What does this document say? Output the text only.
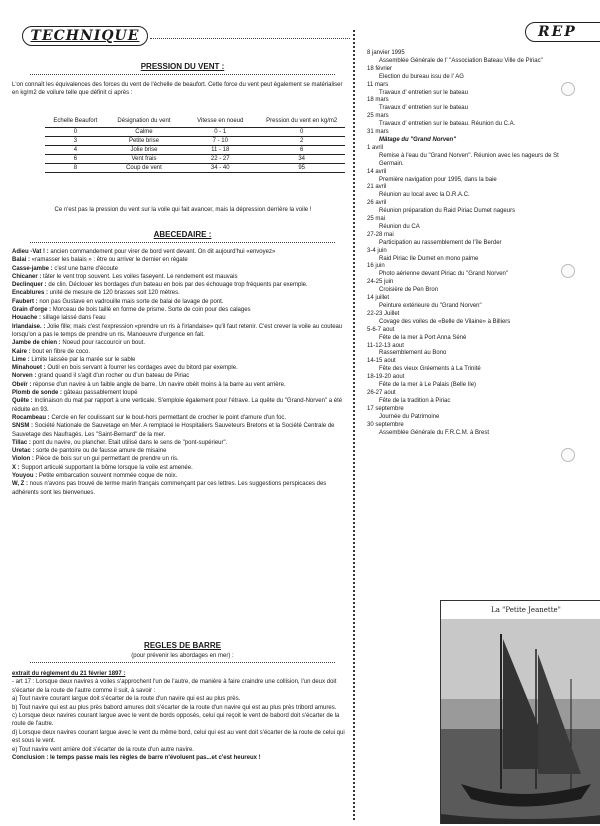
TECHNIQUE
PRESSION DU VENT :
L'on connaît les équivalences des forces du vent de l'échelle de beaufort. Cette force du vent peut également se matérialiser en kg/m2 de voilure telle que définit ci après :
Echelle Beaufort	Désignation du vent	Vitesse en noeud	Pression du vent en kg/m2
0	Calme	0 - 1	0
3	Petite brise	7 - 10	2
4	Jolie brise	11 - 18	6
6	Vent frais	22 - 27	34
8	Coup de vent	34 - 40	95
Ce n'est pas la pression du vent sur la voile qui fait avancer, mais la dépression derrière la voile !
ABECEDAIRE :

Adieu -Vat ! : ancien commandement pour virer de bord vent devant. On dit aujourd'hui «envoyez»

Balai : «ramasser les balais » : être ou arriver le dernier en régate

Casse-jambe : c'est une barre d'écoute

Chicaner : tâter le vent trop souvent. Les voiles faseyent. Le rendement est mauvais

Declinquer : de clin. Déclouer les bordages d'un bateau en bois par des échouage trop fréquents par exemple.

Encablures : unité de mesure de 120 brasses soit 120 mètres.

Faubert : non pas Gustave en vadrouille mais sorte de balai de lavage de pont.

Grain d'orge : Morceau de bois taillé en forme de prisme. Sorte de coin pour des calages

Houache : sillage laissé dans l'eau

Irlandaise. : Jolie fille; mais c'est l'expression «prendre un ris à l'irlandaise» qu'il faut retenir. C'est crever la voile au couteau lorsqu'on a pas le temps de prendre un ris. Manoeuvre d'urgence en fait.

Jambe de chien : Noeud pour raccourcir un bout.

Kaire : bout en fibre de coco.

Lime : Limite laissée par la marée sur le sable

Minahouet : Outil en bois servant à fourrer les cordages avec du bitord par exemple.

Norven : grand quand il s'agit d'un rocher ou d'un bateau de Piriac

Obeïr : réponse d'un navire à un faible angle de barre. Un navire obéit moins à la barre au vent arrière.

Plomb de sonde : gâteau passablement loupé

Quête : Inclinaison du mat par rapport à une verticale. S'emploie également pour l'étrave. La quête du "Grand-Norven" a été réduite en 93.

Rocambeau : Cercle en fer coulissant sur le bout-hors permettant de crocher le point d'amure d'un foc.

SNSM : Société Nationale de Sauvetage en Mer. A remplacé le Hospitaliers Sauveteurs Bretons et la Société Centrale de Sauvetage des Naufragés. Les "Saint-Bernard" de la mer.

Tillac : pont du navire, ou plancher. Etait utilisé dans le sens de "pont-supérieur".

Uretac : sorte de pantoire ou de fausse amure de misaine

Violon : Pièce de bois sur un gui permettant de prendre un ris.

X : Support articulé supportant la bôme lorsque la voile est amenée.

Youyou : Petite embarcation souvent nommée coque de noix.

W, Z : nous n'avons pas trouvé de terme marin français commençant par ces lettres. Les suggestions perspicaces des adhérents sont les bienvenues.

REGLES DE BARRE
(pour prévenir les abordages en mer) :

extrait du règlement du 21 février 1897 :

- art 17 : Lorsque deux navires à voiles s'approchent l'un de l'autre, de manière à faire craindre une collision, l'un deux doit s'écarter de la route de l'autre comme il suit, à savoir :

a) Tout navire courant largue doit s'écarter de la route d'un navire qui est au plus près.

b) Tout navire qui est au plus près babord amures doit s'écarter de la route d'un navire qui est au plus près tribord amures.

c) Lorsque deux navires courant largue avec le vent de bords opposés, celui qui reçoit le vent de babord doit s'écarter de la route de l'autre.

d) Lorsque deux navires courant largue avec le vent du même bord, celui qui est au vent doit s'écarter de la route de celui qui est sous le vent.

e) Tout navire vent arrière doit s'écarter de la route d'un autre navire.

Conclusion : le temps passe mais les règles de barre n'évoluent pas...et c'est heureux !

REP
8 janvier 1995
Assemblée Générale de l' "Association Bateau Ville de Piriac"
18 février
Election du bureau issu de l' AG
11 mars
Travaux d' entretien sur le bateau
18 mars
Travaux d' entretien sur le bateau
25 mars
Travaux d' entretien sur le bateau. Réunion du C.A.
31 mars
Mâtage du "Grand Norven"
1 avril
Remise à l'eau du "Grand Norven". Réunion avec les nageurs de St Germain.
14 avril
Première navigation pour 1995, dans la baie
21 avril
Réunion au local avec la D.R.A.C.
26 avril
Réunion préparation du Raid Piriac Dumet nageurs
25 mai
Réunion du CA
27-28 mai
Participation au rassemblement de l'île Berder
3-4 juin
Raid Piriac Ile Dumet en mono palme
16 juin
Photo aérienne devant Piriac du "Grand Norven"
24-25 juin
Croisière de Pen Bron
14 juillet
Peinture extérieure du "Grand Norven"
22-23 Juillet
Covage des voiles de «Belle de Vilaine» à Billiers
5-6-7 aout
Fête de la mer à Port Anna Séné
11-12-13 aout
Rassemblement au Bono
14-15 aout
Fête des vieux Gréements à La Trinité
18-19-20 aout
Fête de la mer à Le Palais (Belle Ile)
26-27 aout
Fête de la tradition à Piriac
17 septembre
Journée du Patrimoine
30 septembre
Assemblée Générale du F.R.C.M. à Brest
La "Petite Jeanette"
